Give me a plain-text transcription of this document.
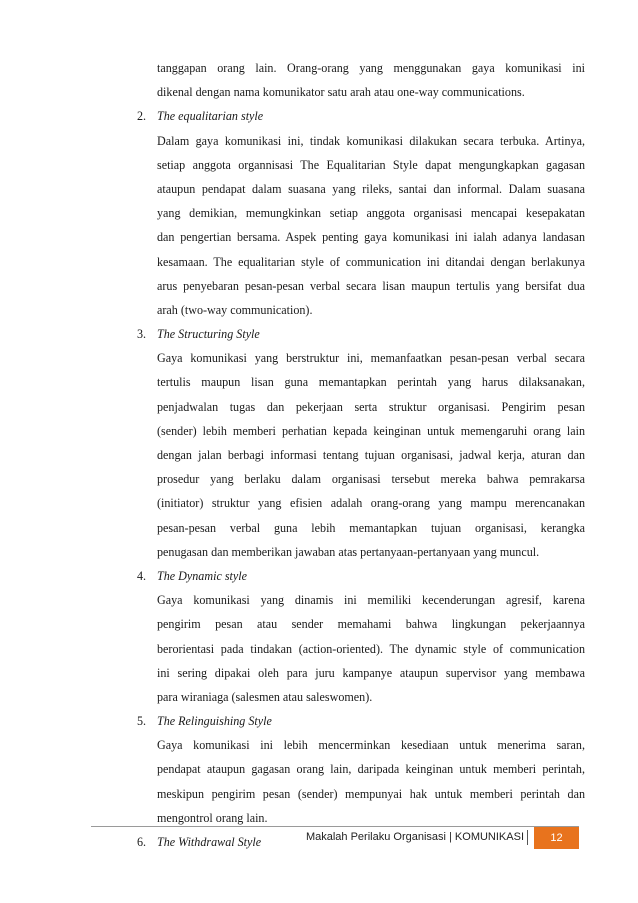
tanggapan orang lain. Orang-orang yang menggunakan gaya komunikasi ini
dikenal dengan nama komunikator satu arah atau one-way communications.
2. The equalitarian style
Dalam gaya komunikasi ini, tindak komunikasi dilakukan secara terbuka. Artinya,
setiap anggota organnisasi The Equalitarian Style dapat mengungkapkan gagasan
ataupun pendapat dalam suasana yang rileks, santai dan informal. Dalam suasana
yang demikian, memungkinkan setiap anggota organisasi mencapai kesepakatan
dan pengertian bersama. Aspek penting gaya komunikasi ini ialah adanya landasan
kesamaan. The equalitarian style of communication ini ditandai dengan berlakunya
arus penyebaran pesan-pesan verbal secara lisan maupun tertulis yang bersifat dua
arah (two-way communication).
3. The Structuring Style
Gaya komunikasi yang berstruktur ini, memanfaatkan pesan-pesan verbal secara
tertulis maupun lisan guna memantapkan perintah yang harus dilaksanakan,
penjadwalan tugas dan pekerjaan serta struktur organisasi. Pengirim pesan
(sender) lebih memberi perhatian kepada keinginan untuk memengaruhi orang lain
dengan jalan berbagi informasi tentang tujuan organisasi, jadwal kerja, aturan dan
prosedur yang berlaku dalam organisasi tersebut mereka bahwa pemrakarsa
(initiator) struktur yang efisien adalah orang-orang yang mampu merencanakan
pesan-pesan verbal guna lebih memantapkan tujuan organisasi, kerangka
penugasan dan memberikan jawaban atas pertanyaan-pertanyaan yang muncul.
4. The Dynamic style
Gaya komunikasi yang dinamis ini memiliki kecenderungan agresif, karena
pengirim pesan atau sender memahami bahwa lingkungan pekerjaannya
berorientasi pada tindakan (action-oriented). The dynamic style of communication
ini sering dipakai oleh para juru kampanye ataupun supervisor yang membawa
para wiraniaga (salesmen atau saleswomen).
5. The Relinguishing Style
Gaya komunikasi ini lebih mencerminkan kesediaan untuk menerima saran,
pendapat ataupun gagasan orang lain, daripada keinginan untuk memberi perintah,
meskipun pengirim pesan (sender) mempunyai hak untuk memberi perintah dan
mengontrol orang lain.
6. The Withdrawal Style	Makalah Perilaku Organisasi | KOMUNIKASI	12
